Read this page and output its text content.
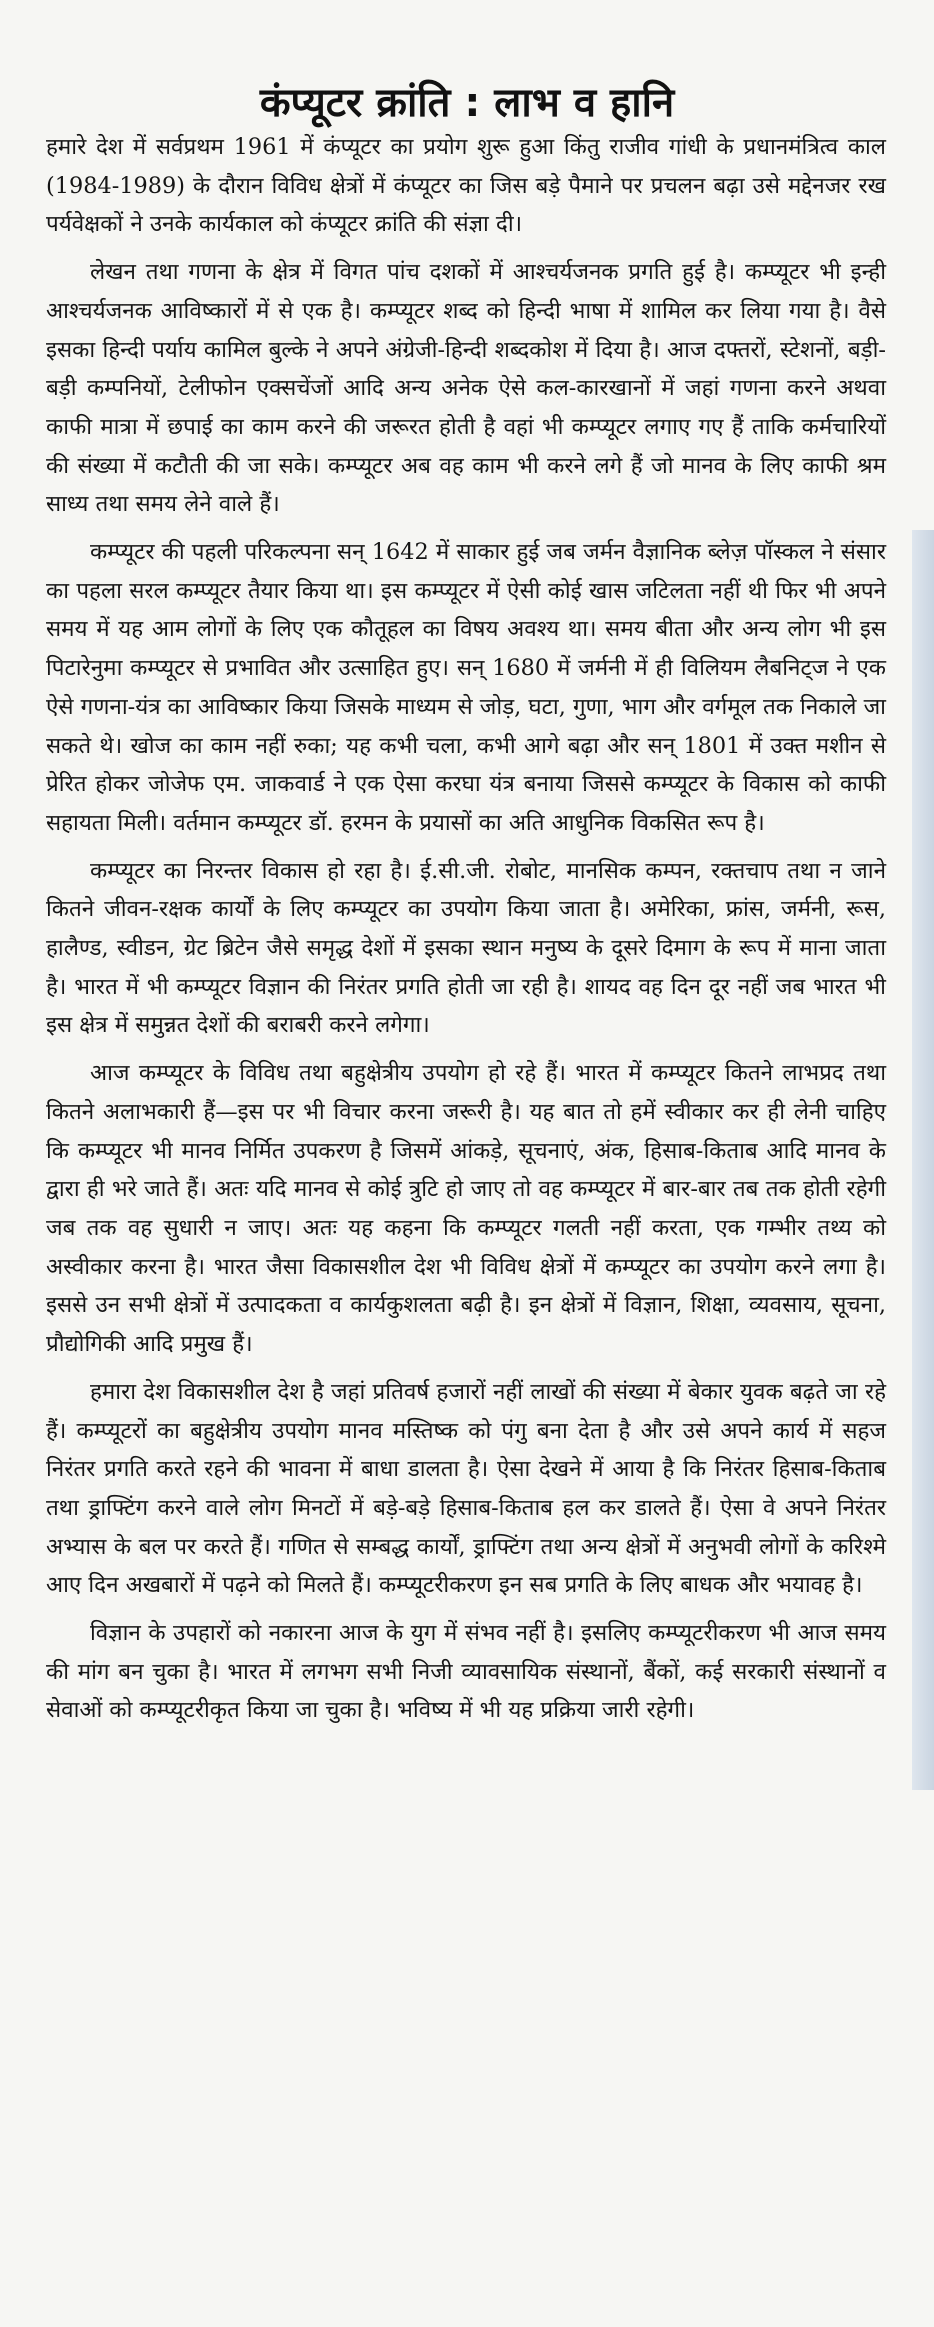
कंप्यूटर क्रांति : लाभ व हानि

हमारे देश में सर्वप्रथम 1961 में कंप्यूटर का प्रयोग शुरू हुआ किंतु राजीव गांधी के प्रधानमंत्रित्व काल (1984-1989) के दौरान विविध क्षेत्रों में कंप्यूटर का जिस बड़े पैमाने पर प्रचलन बढ़ा उसे मद्देनजर रख पर्यवेक्षकों ने उनके कार्यकाल को कंप्यूटर क्रांति की संज्ञा दी।

लेखन तथा गणना के क्षेत्र में विगत पांच दशकों में आश्चर्यजनक प्रगति हुई है। कम्प्यूटर भी इन्ही आश्चर्यजनक आविष्कारों में से एक है। कम्प्यूटर शब्द को हिन्दी भाषा में शामिल कर लिया गया है। वैसे इसका हिन्दी पर्याय कामिल बुल्के ने अपने अंग्रेजी-हिन्दी शब्दकोश में दिया है। आज दफ्तरों, स्टेशनों, बड़ी-बड़ी कम्पनियों, टेलीफोन एक्सचेंजों आदि अन्य अनेक ऐसे कल-कारखानों में जहां गणना करने अथवा काफी मात्रा में छपाई का काम करने की जरूरत होती है वहां भी कम्प्यूटर लगाए गए हैं ताकि कर्मचारियों की संख्या में कटौती की जा सके। कम्प्यूटर अब वह काम भी करने लगे हैं जो मानव के लिए काफी श्रम साध्य तथा समय लेने वाले हैं।

कम्प्यूटर की पहली परिकल्पना सन् 1642 में साकार हुई जब जर्मन वैज्ञानिक ब्लेज़ पॉस्कल ने संसार का पहला सरल कम्प्यूटर तैयार किया था। इस कम्प्यूटर में ऐसी कोई खास जटिलता नहीं थी फिर भी अपने समय में यह आम लोगों के लिए एक कौतूहल का विषय अवश्य था। समय बीता और अन्य लोग भी इस पिटारेनुमा कम्प्यूटर से प्रभावित और उत्साहित हुए। सन् 1680 में जर्मनी में ही विलियम लैबनिट्ज ने एक ऐसे गणना-यंत्र का आविष्कार किया जिसके माध्यम से जोड़, घटा, गुणा, भाग और वर्गमूल तक निकाले जा सकते थे। खोज का काम नहीं रुका; यह कभी चला, कभी आगे बढ़ा और सन् 1801 में उक्त मशीन से प्रेरित होकर जोजेफ एम. जाकवार्ड ने एक ऐसा करघा यंत्र बनाया जिससे कम्प्यूटर के विकास को काफी सहायता मिली। वर्तमान कम्प्यूटर डॉ. हरमन के प्रयासों का अति आधुनिक विकसित रूप है।

कम्प्यूटर का निरन्तर विकास हो रहा है। ई.सी.जी. रोबोट, मानसिक कम्पन, रक्तचाप तथा न जाने कितने जीवन-रक्षक कार्यों के लिए कम्प्यूटर का उपयोग किया जाता है। अमेरिका, फ्रांस, जर्मनी, रूस, हालैण्ड, स्वीडन, ग्रेट ब्रिटेन जैसे समृद्ध देशों में इसका स्थान मनुष्य के दूसरे दिमाग के रूप में माना जाता है। भारत में भी कम्प्यूटर विज्ञान की निरंतर प्रगति होती जा रही है। शायद वह दिन दूर नहीं जब भारत भी इस क्षेत्र में समुन्नत देशों की बराबरी करने लगेगा।

आज कम्प्यूटर के विविध तथा बहुक्षेत्रीय उपयोग हो रहे हैं। भारत में कम्प्यूटर कितने लाभप्रद तथा कितने अलाभकारी हैं—इस पर भी विचार करना जरूरी है। यह बात तो हमें स्वीकार कर ही लेनी चाहिए कि कम्प्यूटर भी मानव निर्मित उपकरण है जिसमें आंकड़े, सूचनाएं, अंक, हिसाब-किताब आदि मानव के द्वारा ही भरे जाते हैं। अतः यदि मानव से कोई त्रुटि हो जाए तो वह कम्प्यूटर में बार-बार तब तक होती रहेगी जब तक वह सुधारी न जाए। अतः यह कहना कि कम्प्यूटर गलती नहीं करता, एक गम्भीर तथ्य को अस्वीकार करना है। भारत जैसा विकासशील देश भी विविध क्षेत्रों में कम्प्यूटर का उपयोग करने लगा है। इससे उन सभी क्षेत्रों में उत्पादकता व कार्यकुशलता बढ़ी है। इन क्षेत्रों में विज्ञान, शिक्षा, व्यवसाय, सूचना, प्रौद्योगिकी आदि प्रमुख हैं।

हमारा देश विकासशील देश है जहां प्रतिवर्ष हजारों नहीं लाखों की संख्या में बेकार युवक बढ़ते जा रहे हैं। कम्प्यूटरों का बहुक्षेत्रीय उपयोग मानव मस्तिष्क को पंगु बना देता है और उसे अपने कार्य में सहज निरंतर प्रगति करते रहने की भावना में बाधा डालता है। ऐसा देखने में आया है कि निरंतर हिसाब-किताब तथा ड्राफ्टिंग करने वाले लोग मिनटों में बड़े-बड़े हिसाब-किताब हल कर डालते हैं। ऐसा वे अपने निरंतर अभ्यास के बल पर करते हैं। गणित से सम्बद्ध कार्यों, ड्राफ्टिंग तथा अन्य क्षेत्रों में अनुभवी लोगों के करिश्मे आए दिन अखबारों में पढ़ने को मिलते हैं। कम्प्यूटरीकरण इन सब प्रगति के लिए बाधक और भयावह है।

विज्ञान के उपहारों को नकारना आज के युग में संभव नहीं है। इसलिए कम्प्यूटरीकरण भी आज समय की मांग बन चुका है। भारत में लगभग सभी निजी व्यावसायिक संस्थानों, बैंकों, कई सरकारी संस्थानों व सेवाओं को कम्प्यूटरीकृत किया जा चुका है। भविष्य में भी यह प्रक्रिया जारी रहेगी।
